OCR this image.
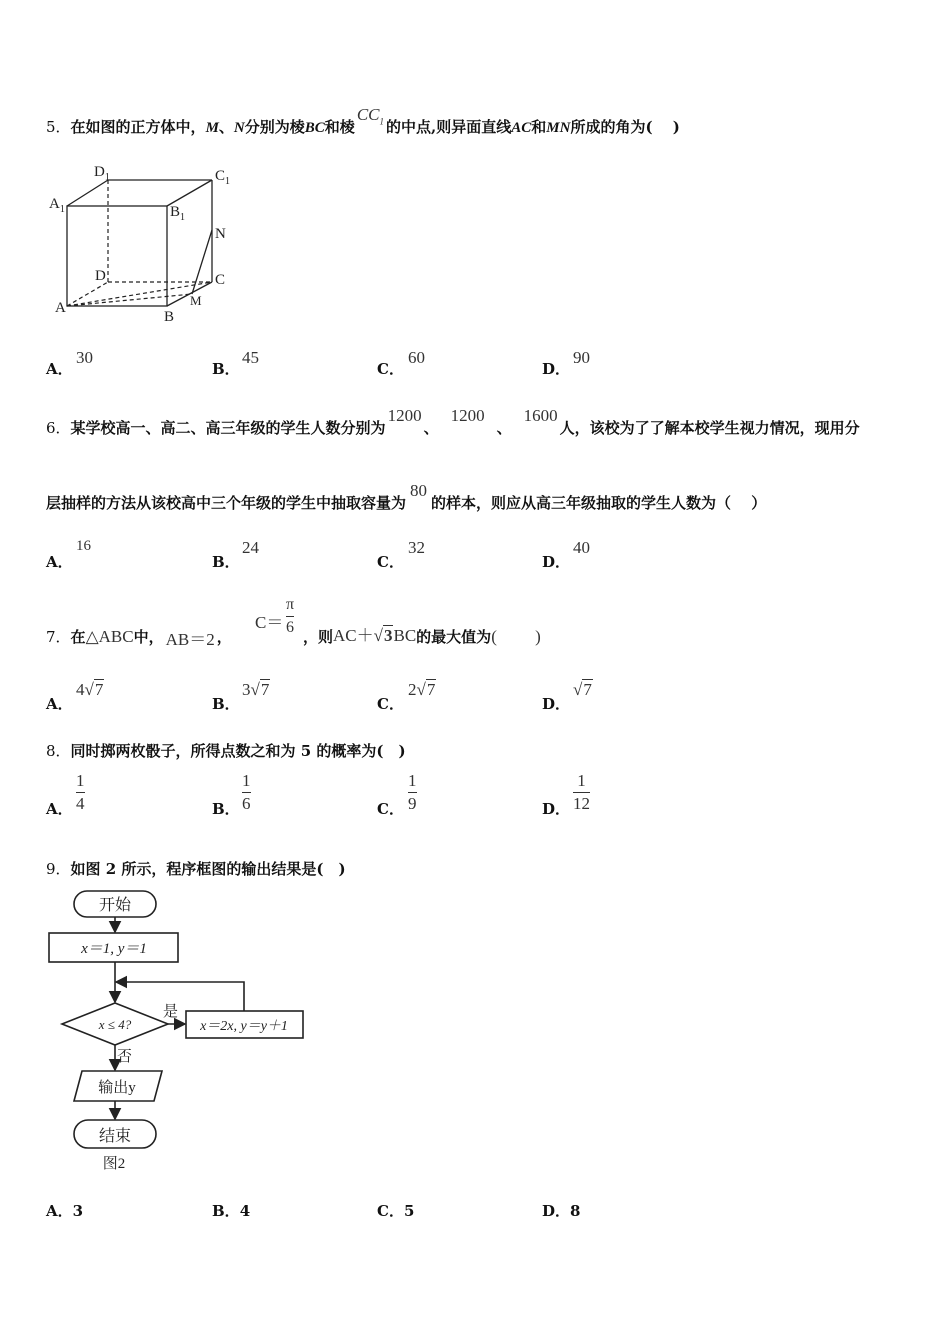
5．在如图的正方体中，M、N分别为棱BC和棱$CC_1$ 的中点,则异面直线AC和MN所成的角为(　 )
$D_1$
$A_1$	$B_1$
$C_1$
N
D	C
A
B
M
A．
30
B．
45
C．
60
D．
90
6．某学校高一、高二、高三年级的学生人数分别为1200、1200、1600人，该校为了了解本校学生视力情况，现用分
层抽样的方法从该校高中三个年级的学生中抽取容量为80的样本，则应从高三年级抽取的学生人数为（　 ）
A．
16
B．
24
C．
32
D．
40
7．在△ABC中， AB＝2 ，
C＝
π
6
，则AC＋√3BC的最大值为(　　 )
A．
4√7
B．
3√7
C．
2√7
D．
√7
8．同时掷两枚骰子，所得点数之和为 5 的概率为(　)
A．
1
4	B．
1
6	C．
1
9	D．
1
12
9．如图 2 所示，程序框图的输出结果是(　)
开始
x＝1, y＝1
x ≤ 4?
是
x＝2x, y＝y＋1
否
输出y
结束
图2
A．3	B．4	C．5	D．8
